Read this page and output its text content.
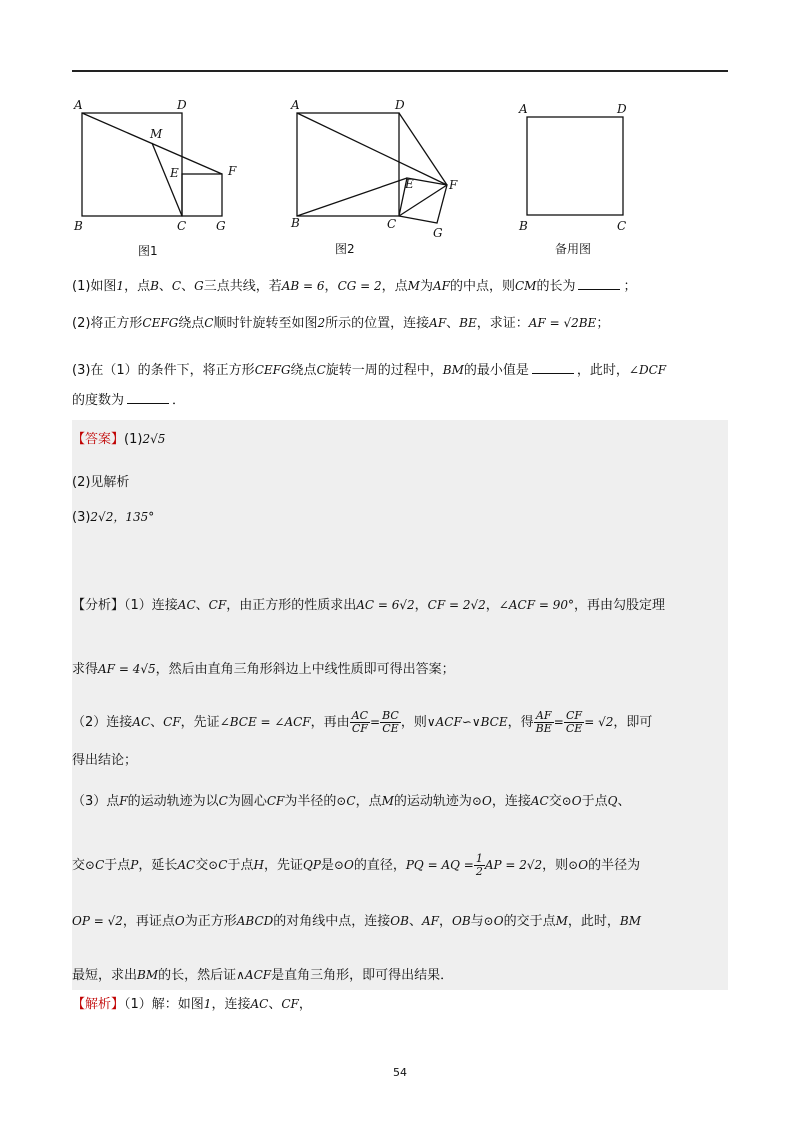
A	D
M
E	F
B	C G
图1
A	D
E	F
B	C
G
图2
A	D
B	C
备用图
(1)如图1，点B、C、G三点共线，若AB = 6，CG = 2，点M为AF的中点，则CM的长为	；
(2)将正方形CEFG绕点C顺时针旋转至如图2所示的位置，连接AF、BE，求证：AF = √2BE；
(3)在（1）的条件下，将正方形CEFG绕点C旋转一周的过程中，BM的最小值是	，此时，∠DCF
的度数为	．
【答案】(1)2√5
(2)见解析
(3)2√2，135°
【分析】（1）连接AC、CF，由正方形的性质求出AC = 6√2，CF = 2√2，∠ACF = 90°，再由勾股定理
求得AF = 4√5，然后由直角三角形斜边上中线性质即可得出答案；
（2）连接AC、CF，先证∠BCE = ∠ACF，再由 $\frac{AC}{CF} = \frac{BC}{CE}$ ，则∨ACF∽∨BCE，得 $\frac{AF}{BE} = \frac{CF}{CE} = √2$，即可
得出结论；
（3）点F的运动轨迹为以C为圆心CF为半径的⊙C，点M的运动轨迹为⊙O，连接AC交⊙O于点Q、
交⊙C于点P，延长AC交⊙C于点H，先证QP是⊙O的直径，PQ = AQ = $\frac{1}{2}$ AP = 2√2，则⊙O的半径为
OP = √2，再证点O为正方形ABCD的对角线中点，连接OB、AF，OB与⊙O的交于点M，此时，BM
最短，求出BM的长，然后证∧ACF是直角三角形，即可得出结果．
【解析】（1）解：如图1，连接AC、CF，
54
